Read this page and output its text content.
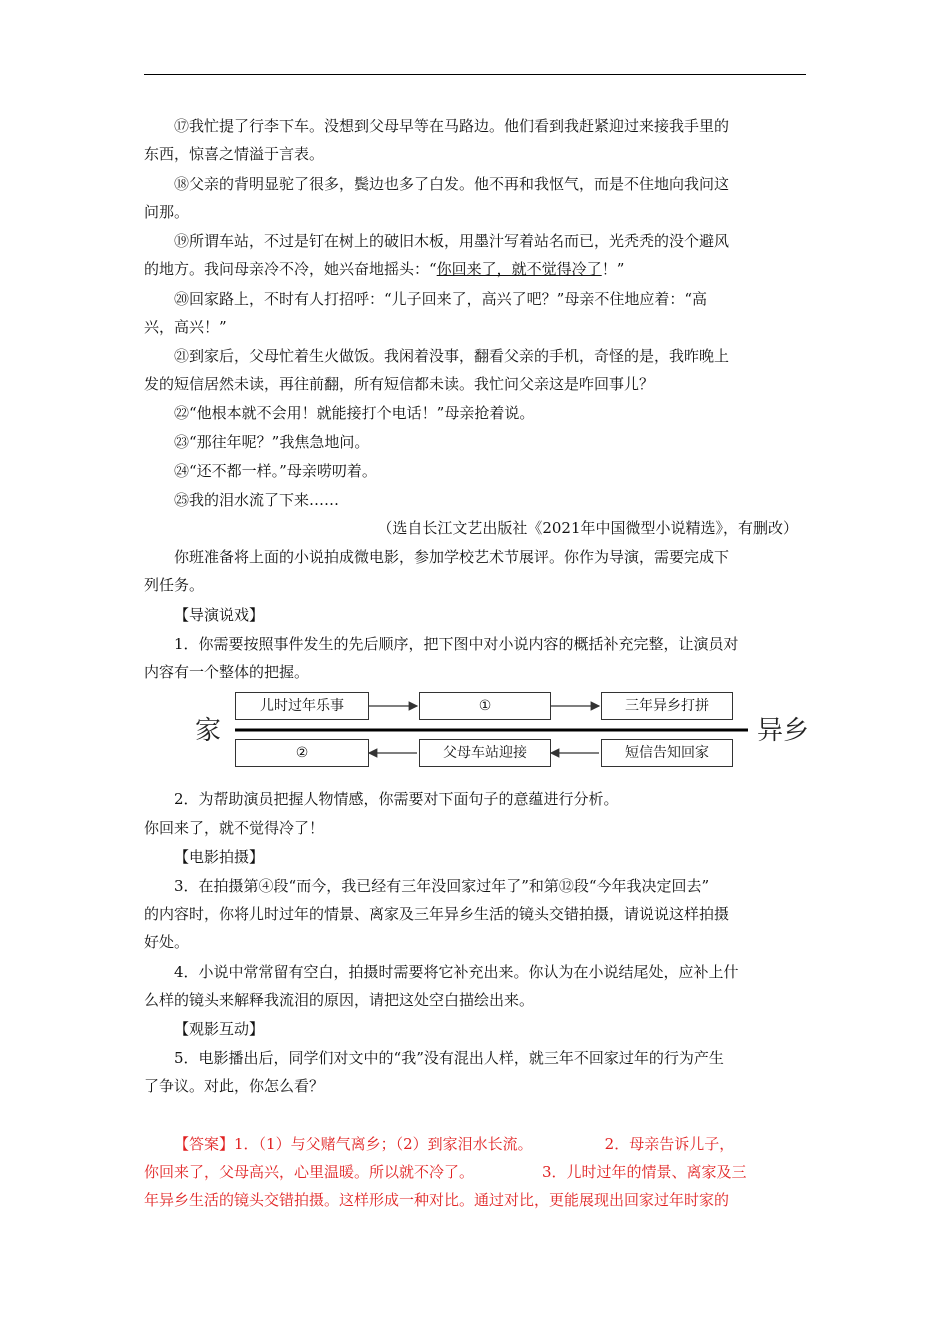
⑰我忙提了行李下车。没想到父母早等在马路边。他们看到我赶紧迎过来接我手里的
东西，惊喜之情溢于言表。
⑱父亲的背明显驼了很多，鬓边也多了白发。他不再和我怄气，而是不住地向我问这
问那。
⑲所谓车站，不过是钉在树上的破旧木板，用墨汁写着站名而已，光秃秃的没个避风
的地方。我问母亲冷不冷，她兴奋地摇头：“你回来了，就不觉得冷了！”
⑳回家路上，不时有人打招呼：“儿子回来了，高兴了吧？”母亲不住地应着：“高
兴，高兴！”
㉑到家后，父母忙着生火做饭。我闲着没事，翻看父亲的手机，奇怪的是，我昨晚上
发的短信居然未读，再往前翻，所有短信都未读。我忙问父亲这是咋回事儿？
㉒“他根本就不会用！就能接打个电话！”母亲抢着说。
㉓“那往年呢？”我焦急地问。
㉔“还不都一样。”母亲唠叨着。
㉕我的泪水流了下来……
（选自长江文艺出版社《2021年中国微型小说精选》，有删改）
你班准备将上面的小说拍成微电影，参加学校艺术节展评。你作为导演，需要完成下
列任务。
【导演说戏】
1．你需要按照事件发生的先后顺序，把下图中对小说内容的概括补充完整，让演员对
内容有一个整体的把握。
2．为帮助演员把握人物情感，你需要对下面句子的意蕴进行分析。
你回来了，就不觉得冷了！
【电影拍摄】
3．在拍摄第④段“而今，我已经有三年没回家过年了”和第⑫段“今年我决定回去”
的内容时，你将儿时过年的情景、离家及三年异乡生活的镜头交错拍摄，请说说这样拍摄
好处。
4．小说中常常留有空白，拍摄时需要将它补充出来。你认为在小说结尾处，应补上什
么样的镜头来解释我流泪的原因，请把这处空白描绘出来。
【观影互动】
5．电影播出后，同学们对文中的“我”没有混出人样，就三年不回家过年的行为产生
了争议。对此，你怎么看？
【答案】1．（1）与父赌气离乡；（2）到家泪水长流。	2．母亲告诉儿子，
你回来了，父母高兴，心里温暖。所以就不冷了。	3．儿时过年的情景、离家及三
年异乡生活的镜头交错拍摄。这样形成一种对比。通过对比，更能展现出回家过年时家的
家	异乡
儿时过年乐事	①	三年异乡打拼
②	父母车站迎接	短信告知回家
